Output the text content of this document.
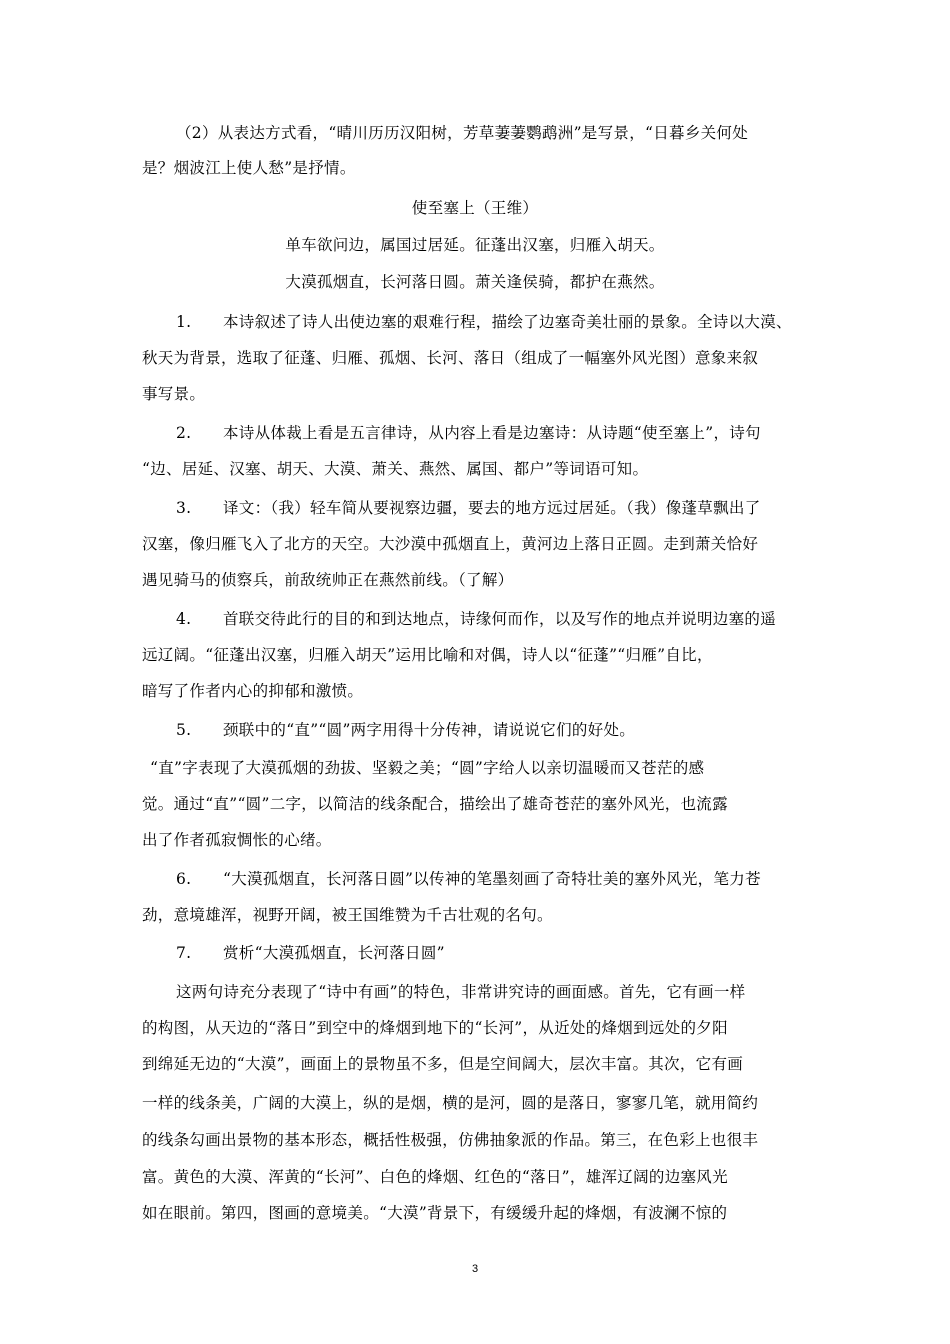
（2）从表达方式看，“晴川历历汉阳树，芳草萋萋鹦鹉洲”是写景，“日暮乡关何处
是？烟波江上使人愁”是抒情。
使至塞上（王维）
单车欲问边，属国过居延。征蓬出汉塞，归雁入胡天。
大漠孤烟直，长河落日圆。萧关逢侯骑，都护在燕然。
1.　　本诗叙述了诗人出使边塞的艰难行程，描绘了边塞奇美壮丽的景象。全诗以大漠、
秋天为背景，选取了征蓬、归雁、孤烟、长河、落日（组成了一幅塞外风光图）意象来叙
事写景。
2.　　本诗从体裁上看是五言律诗，从内容上看是边塞诗：从诗题“使至塞上”，诗句
“边、居延、汉塞、胡天、大漠、萧关、燕然、属国、都户”等词语可知。
3.　　译文：（我）轻车简从要视察边疆，要去的地方远过居延。（我）像蓬草飘出了
汉塞，像归雁飞入了北方的天空。大沙漠中孤烟直上，黄河边上落日正圆。走到萧关恰好
遇见骑马的侦察兵，前敌统帅正在燕然前线。（了解）
4.　　首联交待此行的目的和到达地点，诗缘何而作，以及写作的地点并说明边塞的遥
远辽阔。“征蓬出汉塞，归雁入胡天”运用比喻和对偶，诗人以“征蓬”“归雁”自比，
暗写了作者内心的抑郁和激愤。
5.　　颈联中的“直”“圆”两字用得十分传神，请说说它们的好处。
“直”字表现了大漠孤烟的劲拔、坚毅之美；“圆”字给人以亲切温暖而又苍茫的感
觉。通过“直”“圆”二字，以简洁的线条配合，描绘出了雄奇苍茫的塞外风光，也流露
出了作者孤寂惆怅的心绪。
6.　　“大漠孤烟直，长河落日圆”以传神的笔墨刻画了奇特壮美的塞外风光，笔力苍
劲，意境雄浑，视野开阔，被王国维赞为千古壮观的名句。
7.　　赏析“大漠孤烟直，长河落日圆”
这两句诗充分表现了“诗中有画”的特色，非常讲究诗的画面感。首先，它有画一样
的构图，从天边的“落日”到空中的烽烟到地下的“长河”，从近处的烽烟到远处的夕阳
到绵延无边的“大漠”，画面上的景物虽不多，但是空间阔大，层次丰富。其次，它有画
一样的线条美，广阔的大漠上，纵的是烟，横的是河，圆的是落日，寥寥几笔，就用简约
的线条勾画出景物的基本形态，概括性极强，仿佛抽象派的作品。第三，在色彩上也很丰
富。黄色的大漠、浑黄的“长河”、白色的烽烟、红色的“落日”，雄浑辽阔的边塞风光
如在眼前。第四，图画的意境美。“大漠”背景下，有缓缓升起的烽烟，有波澜不惊的
3
